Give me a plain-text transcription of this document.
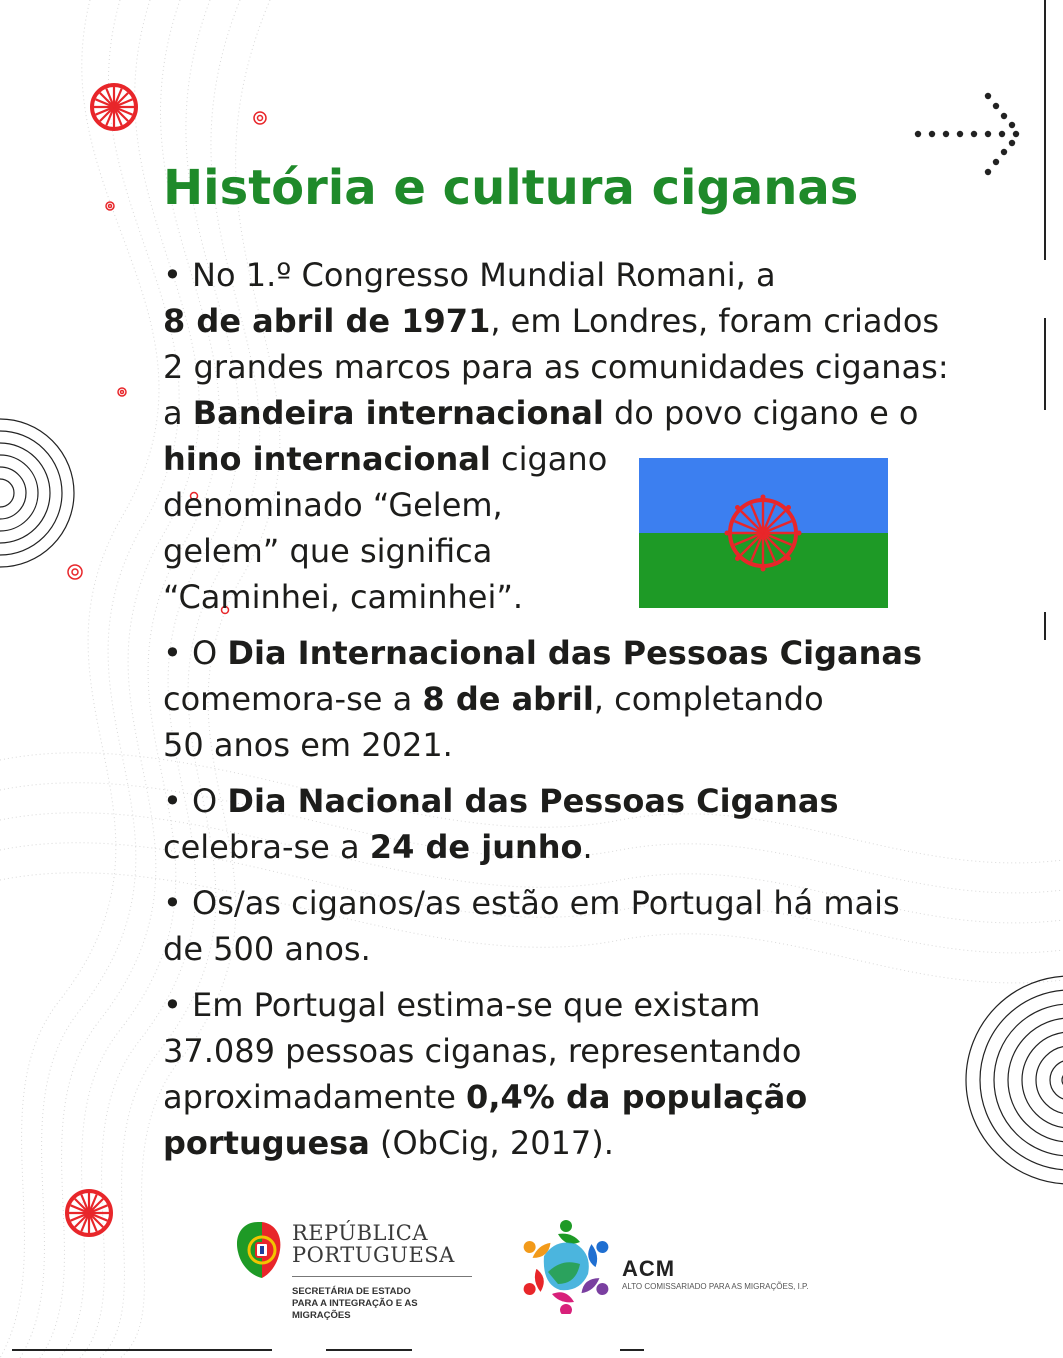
História e cultura ciganas

• No 1.º Congresso Mundial Romani, a
8 de abril de 1971, em Londres, foram criados
2 grandes marcos para as comunidades ciganas:
a Bandeira internacional do povo cigano e o
hino internacional cigano
denominado “Gelem,
gelem” que significa
“Caminhei, caminhei”.

• O Dia Internacional das Pessoas Ciganas
comemora-se a 8 de abril, completando
50 anos em 2021.

• O Dia Nacional das Pessoas Ciganas
celebra-se a 24 de junho.

• Os/as ciganos/as estão em Portugal há mais
de 500 anos.

• Em Portugal estima-se que existam
37.089 pessoas ciganas, representando
aproximadamente 0,4% da população
portuguesa (ObCig, 2017).

REPÚBLICA
PORTUGUESA
SECRETÁRIA DE ESTADO
PARA A INTEGRAÇÃO E AS MIGRAÇÕES
ACM
ALTO COMISSARIADO PARA AS MIGRAÇÕES, I.P.
